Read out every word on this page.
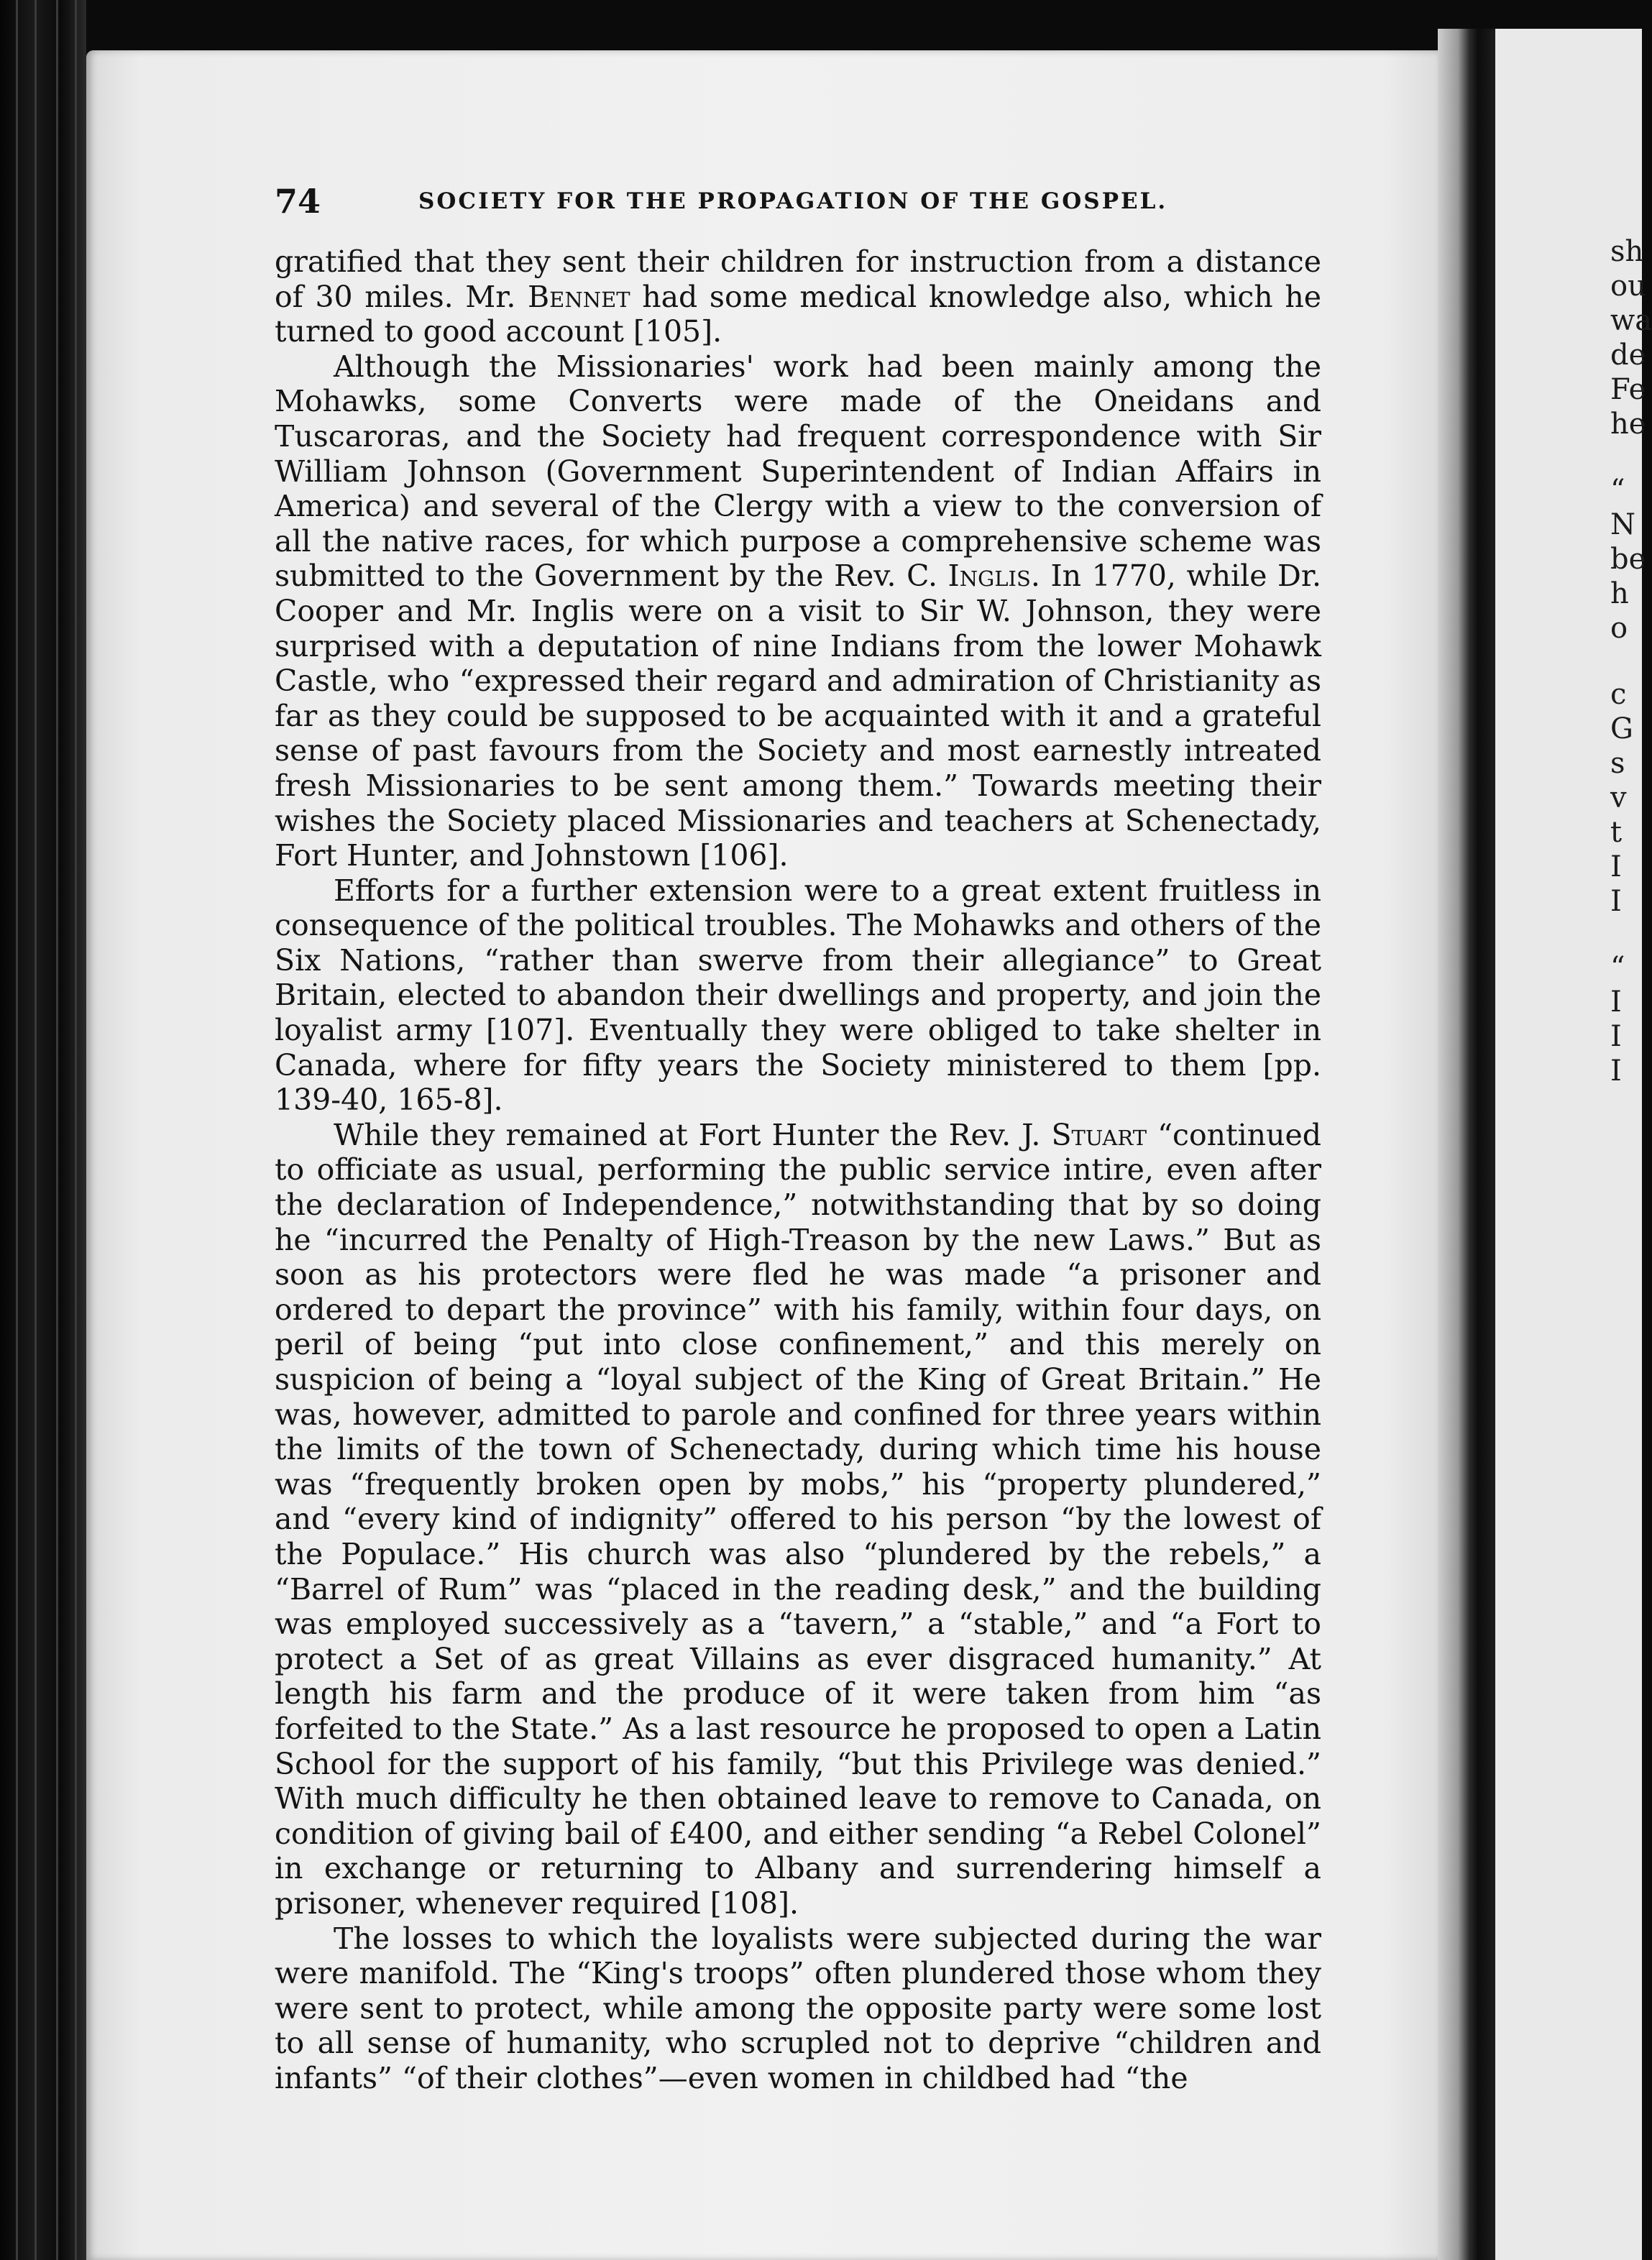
sh
ou
wa
de
Fe
he
“
N
be
h
o
c
G
s
v
t
I
I
“
I
I
I
74	SOCIETY FOR THE PROPAGATION OF THE GOSPEL.

gratified that they sent their children for instruction from a distance of 30 miles. Mr. Bennet had some medical knowledge also, which he turned to good account [105].

Although the Missionaries' work had been mainly among the Mohawks, some Converts were made of the Oneidans and Tuscaroras, and the Society had frequent correspondence with Sir William Johnson (Government Superintendent of Indian Affairs in America) and several of the Clergy with a view to the conversion of all the native races, for which purpose a comprehensive scheme was submitted to the Government by the Rev. C. Inglis. In 1770, while Dr. Cooper and Mr. Inglis were on a visit to Sir W. Johnson, they were surprised with a deputation of nine Indians from the lower Mohawk Castle, who “expressed their regard and admiration of Christianity as far as they could be supposed to be acquainted with it and a grateful sense of past favours from the Society and most earnestly intreated fresh Missionaries to be sent among them.” Towards meeting their wishes the Society placed Missionaries and teachers at Schenectady, Fort Hunter, and Johnstown [106].

Efforts for a further extension were to a great extent fruitless in consequence of the political troubles. The Mohawks and others of the Six Nations, “rather than swerve from their allegiance” to Great Britain, elected to abandon their dwellings and property, and join the loyalist army [107]. Eventually they were obliged to take shelter in Canada, where for fifty years the Society ministered to them [pp. 139-40, 165-8].

While they remained at Fort Hunter the Rev. J. Stuart “continued to officiate as usual, performing the public service intire, even after the declaration of Independence,” notwithstanding that by so doing he “incurred the Penalty of High-Treason by the new Laws.” But as soon as his protectors were fled he was made “a prisoner and ordered to depart the province” with his family, within four days, on peril of being “put into close confinement,” and this merely on suspicion of being a “loyal subject of the King of Great Britain.” He was, however, admitted to parole and confined for three years within the limits of the town of Schenectady, during which time his house was “frequently broken open by mobs,” his “property plundered,” and “every kind of indignity” offered to his person “by the lowest of the Populace.” His church was also “plundered by the rebels,” a “Barrel of Rum” was “placed in the reading desk,” and the building was employed successively as a “tavern,” a “stable,” and “a Fort to protect a Set of as great Villains as ever disgraced humanity.” At length his farm and the produce of it were taken from him “as forfeited to the State.” As a last resource he proposed to open a Latin School for the support of his family, “but this Privilege was denied.” With much difficulty he then obtained leave to remove to Canada, on condition of giving bail of £400, and either sending “a Rebel Colonel” in exchange or returning to Albany and surrendering himself a prisoner, whenever required [108].

The losses to which the loyalists were subjected during the war were manifold. The “King's troops” often plundered those whom they were sent to protect, while among the opposite party were some lost to all sense of humanity, who scrupled not to deprive “children and infants” “of their clothes”—even women in childbed had “the
